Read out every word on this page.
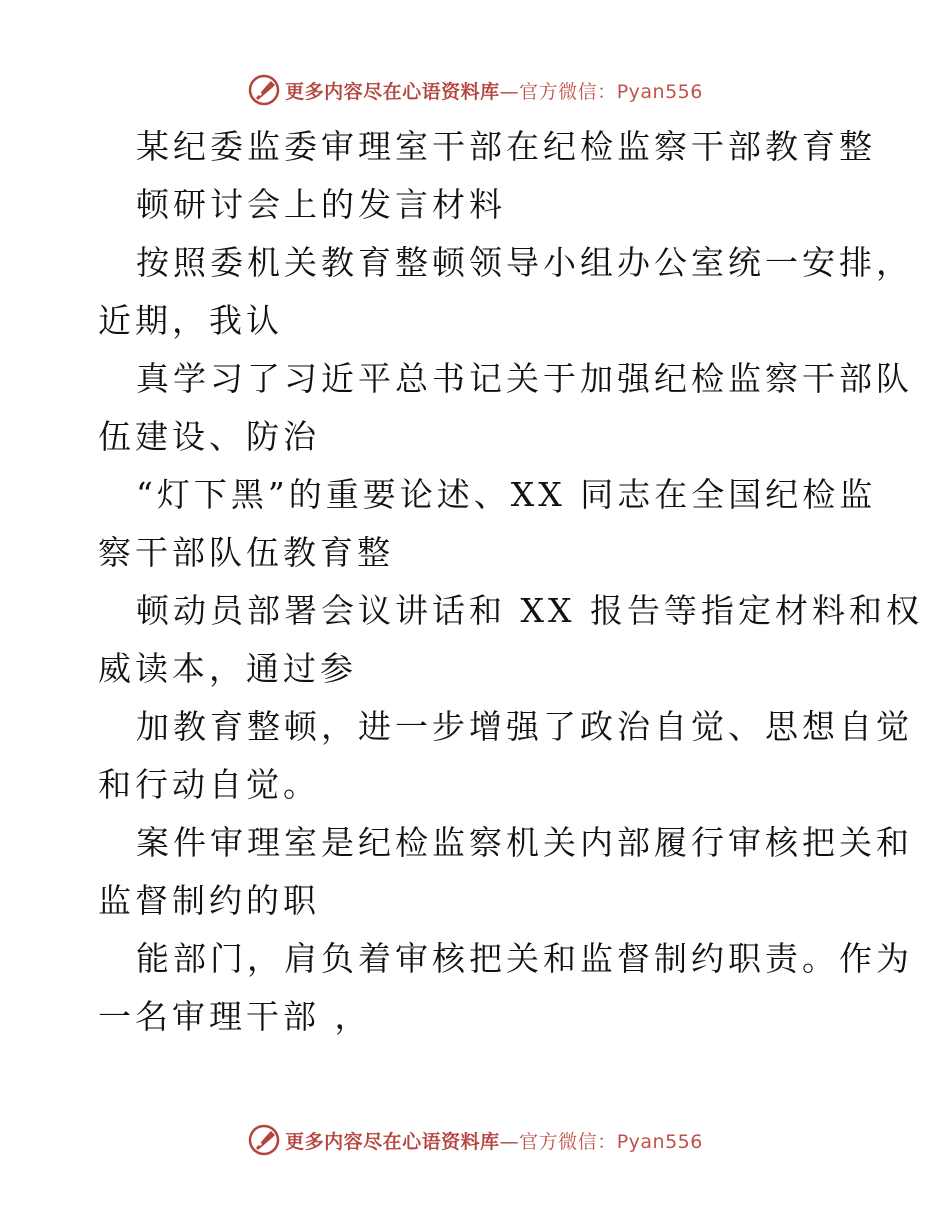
更多内容尽在心语资料库—官方微信：Pyan556
某纪委监委审理室干部在纪检监察干部教育整
顿研讨会上的发言材料
按照委机关教育整顿领导小组办公室统一安排，
近期，我认
真学习了习近平总书记关于加强纪检监察干部队
伍建设、防治
“灯下黑”的重要论述、XX 同志在全国纪检监
察干部队伍教育整
顿动员部署会议讲话和 XX 报告等指定材料和权
威读本，通过参
加教育整顿，进一步增强了政治自觉、思想自觉
和行动自觉。
案件审理室是纪检监察机关内部履行审核把关和
监督制约的职
能部门，肩负着审核把关和监督制约职责。作为
一名审理干部 ，
更多内容尽在心语资料库—官方微信：Pyan556
